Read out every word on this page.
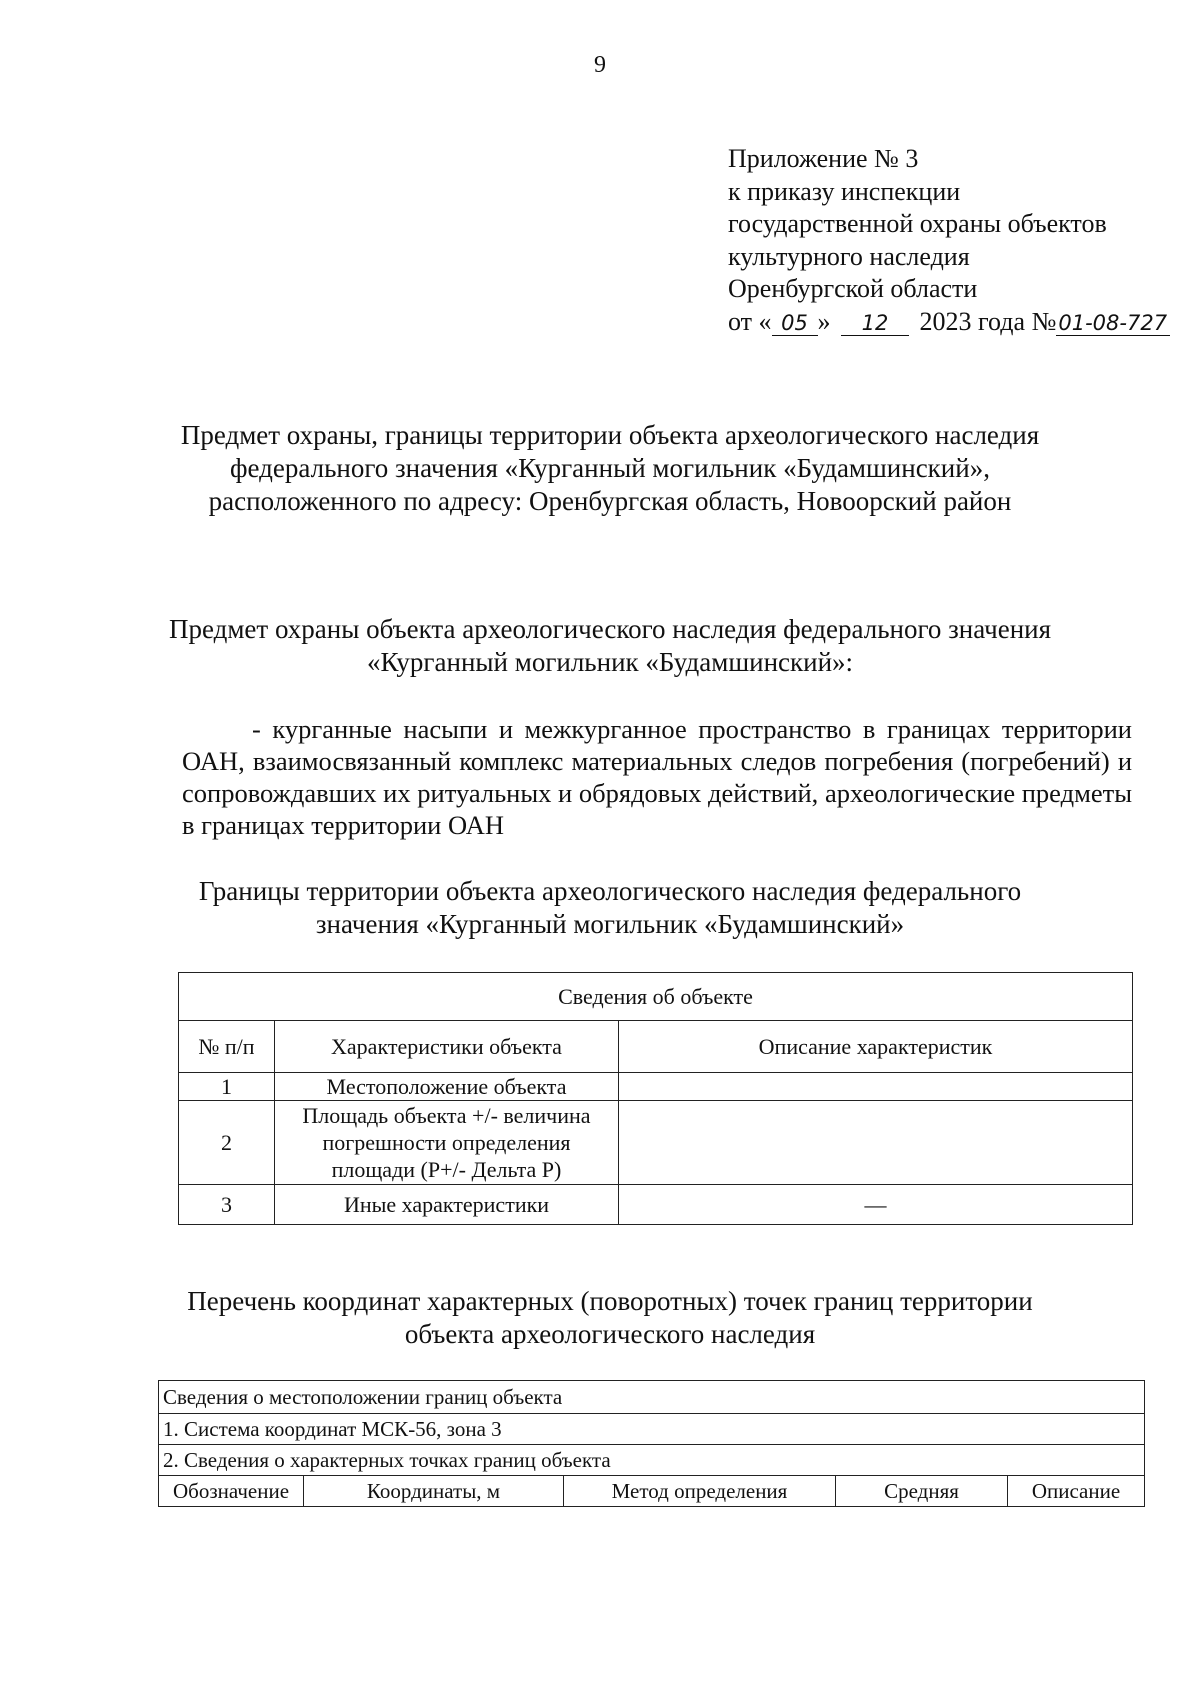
9
Приложение № 3
к приказу инспекции
государственной охраны объектов
культурного наследия
Оренбургской области
от « 05 » 12 2023 года №01-08-727
Предмет охраны, границы территории объекта археологического наследия
федерального значения «Курганный могильник «Будамшинский»,
расположенного по адресу: Оренбургская область, Новоорский район
Предмет охраны объекта археологического наследия федерального значения
«Курганный могильник «Будамшинский»:
- курганные насыпи и межкурганное пространство в границах территории ОАН, взаимосвязанный комплекс материальных следов погребения (погребений) и сопровождавших их ритуальных и обрядовых действий, археологические предметы в границах территории ОАН
Границы территории объекта археологического наследия федерального
значения «Курганный могильник «Будамшинский»
Сведения об объекте		
№ п/п	Характеристики объекта	Описание характеристик
1	Местоположение объекта	
2	Площадь объекта +/- величина погрешности определения площади (P+/- Дельта P)	
3	Иные характеристики	—
Перечень координат характерных (поворотных) точек границ территории
объекта археологического наследия
Сведения о местоположении границ объекта
1. Система координат МСК-56, зона 3
2. Сведения о характерных точках границ объекта
Обозначение	Координаты, м	Метод определения	Средняя	Описание
